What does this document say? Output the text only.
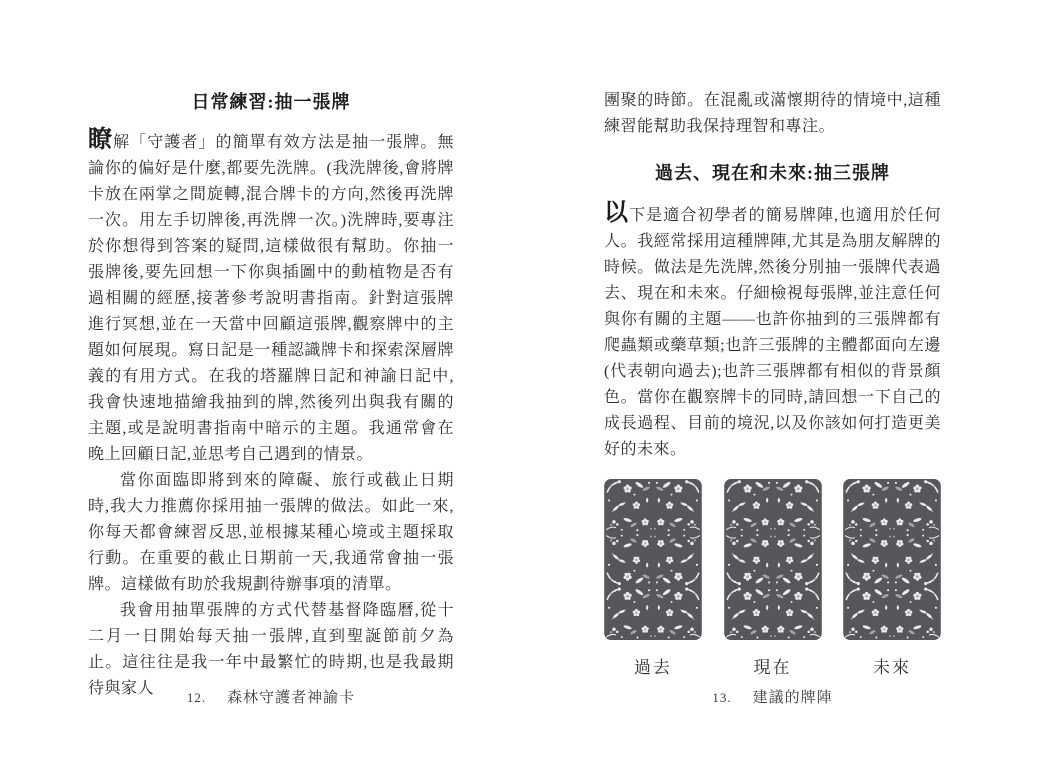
日常練習:抽一張牌

瞭解「守護者」的簡單有效方法是抽一張牌。無論你的偏好是什麼,都要先洗牌。(我洗牌後,會將牌卡放在兩掌之間旋轉,混合牌卡的方向,然後再洗牌一次。用左手切牌後,再洗牌一次。)洗牌時,要專注於你想得到答案的疑問,這樣做很有幫助。你抽一張牌後,要先回想一下你與插圖中的動植物是否有過相關的經歷,接著參考說明書指南。針對這張牌進行冥想,並在一天當中回顧這張牌,觀察牌中的主題如何展現。寫日記是一種認識牌卡和探索深層牌義的有用方式。在我的塔羅牌日記和神諭日記中,我會快速地描繪我抽到的牌,然後列出與我有關的主題,或是說明書指南中暗示的主題。我通常會在晚上回顧日記,並思考自己遇到的情景。

當你面臨即將到來的障礙、旅行或截止日期時,我大力推薦你採用抽一張牌的做法。如此一來,你每天都會練習反思,並根據某種心境或主題採取行動。在重要的截止日期前一天,我通常會抽一張牌。這樣做有助於我規劃待辦事項的清單。

我會用抽單張牌的方式代替基督降臨曆,從十二月一日開始每天抽一張牌,直到聖誕節前夕為止。這往往是我一年中最繁忙的時期,也是我最期待與家人

團聚的時節。在混亂或滿懷期待的情境中,這種練習能幫助我保持理智和專注。

過去、現在和未來:抽三張牌

以下是適合初學者的簡易牌陣,也適用於任何人。我經常採用這種牌陣,尤其是為朋友解牌的時候。做法是先洗牌,然後分別抽一張牌代表過去、現在和未來。仔細檢視每張牌,並注意任何與你有關的主題——也許你抽到的三張牌都有爬蟲類或藥草類;也許三張牌的主體都面向左邊(代表朝向過去);也許三張牌都有相似的背景顏色。當你在觀察牌卡的同時,請回想一下自己的成長過程、目前的境況,以及你該如何打造更美好的未來。

過去	現在	未來
12. 森林守護者神諭卡	13. 建議的牌陣
